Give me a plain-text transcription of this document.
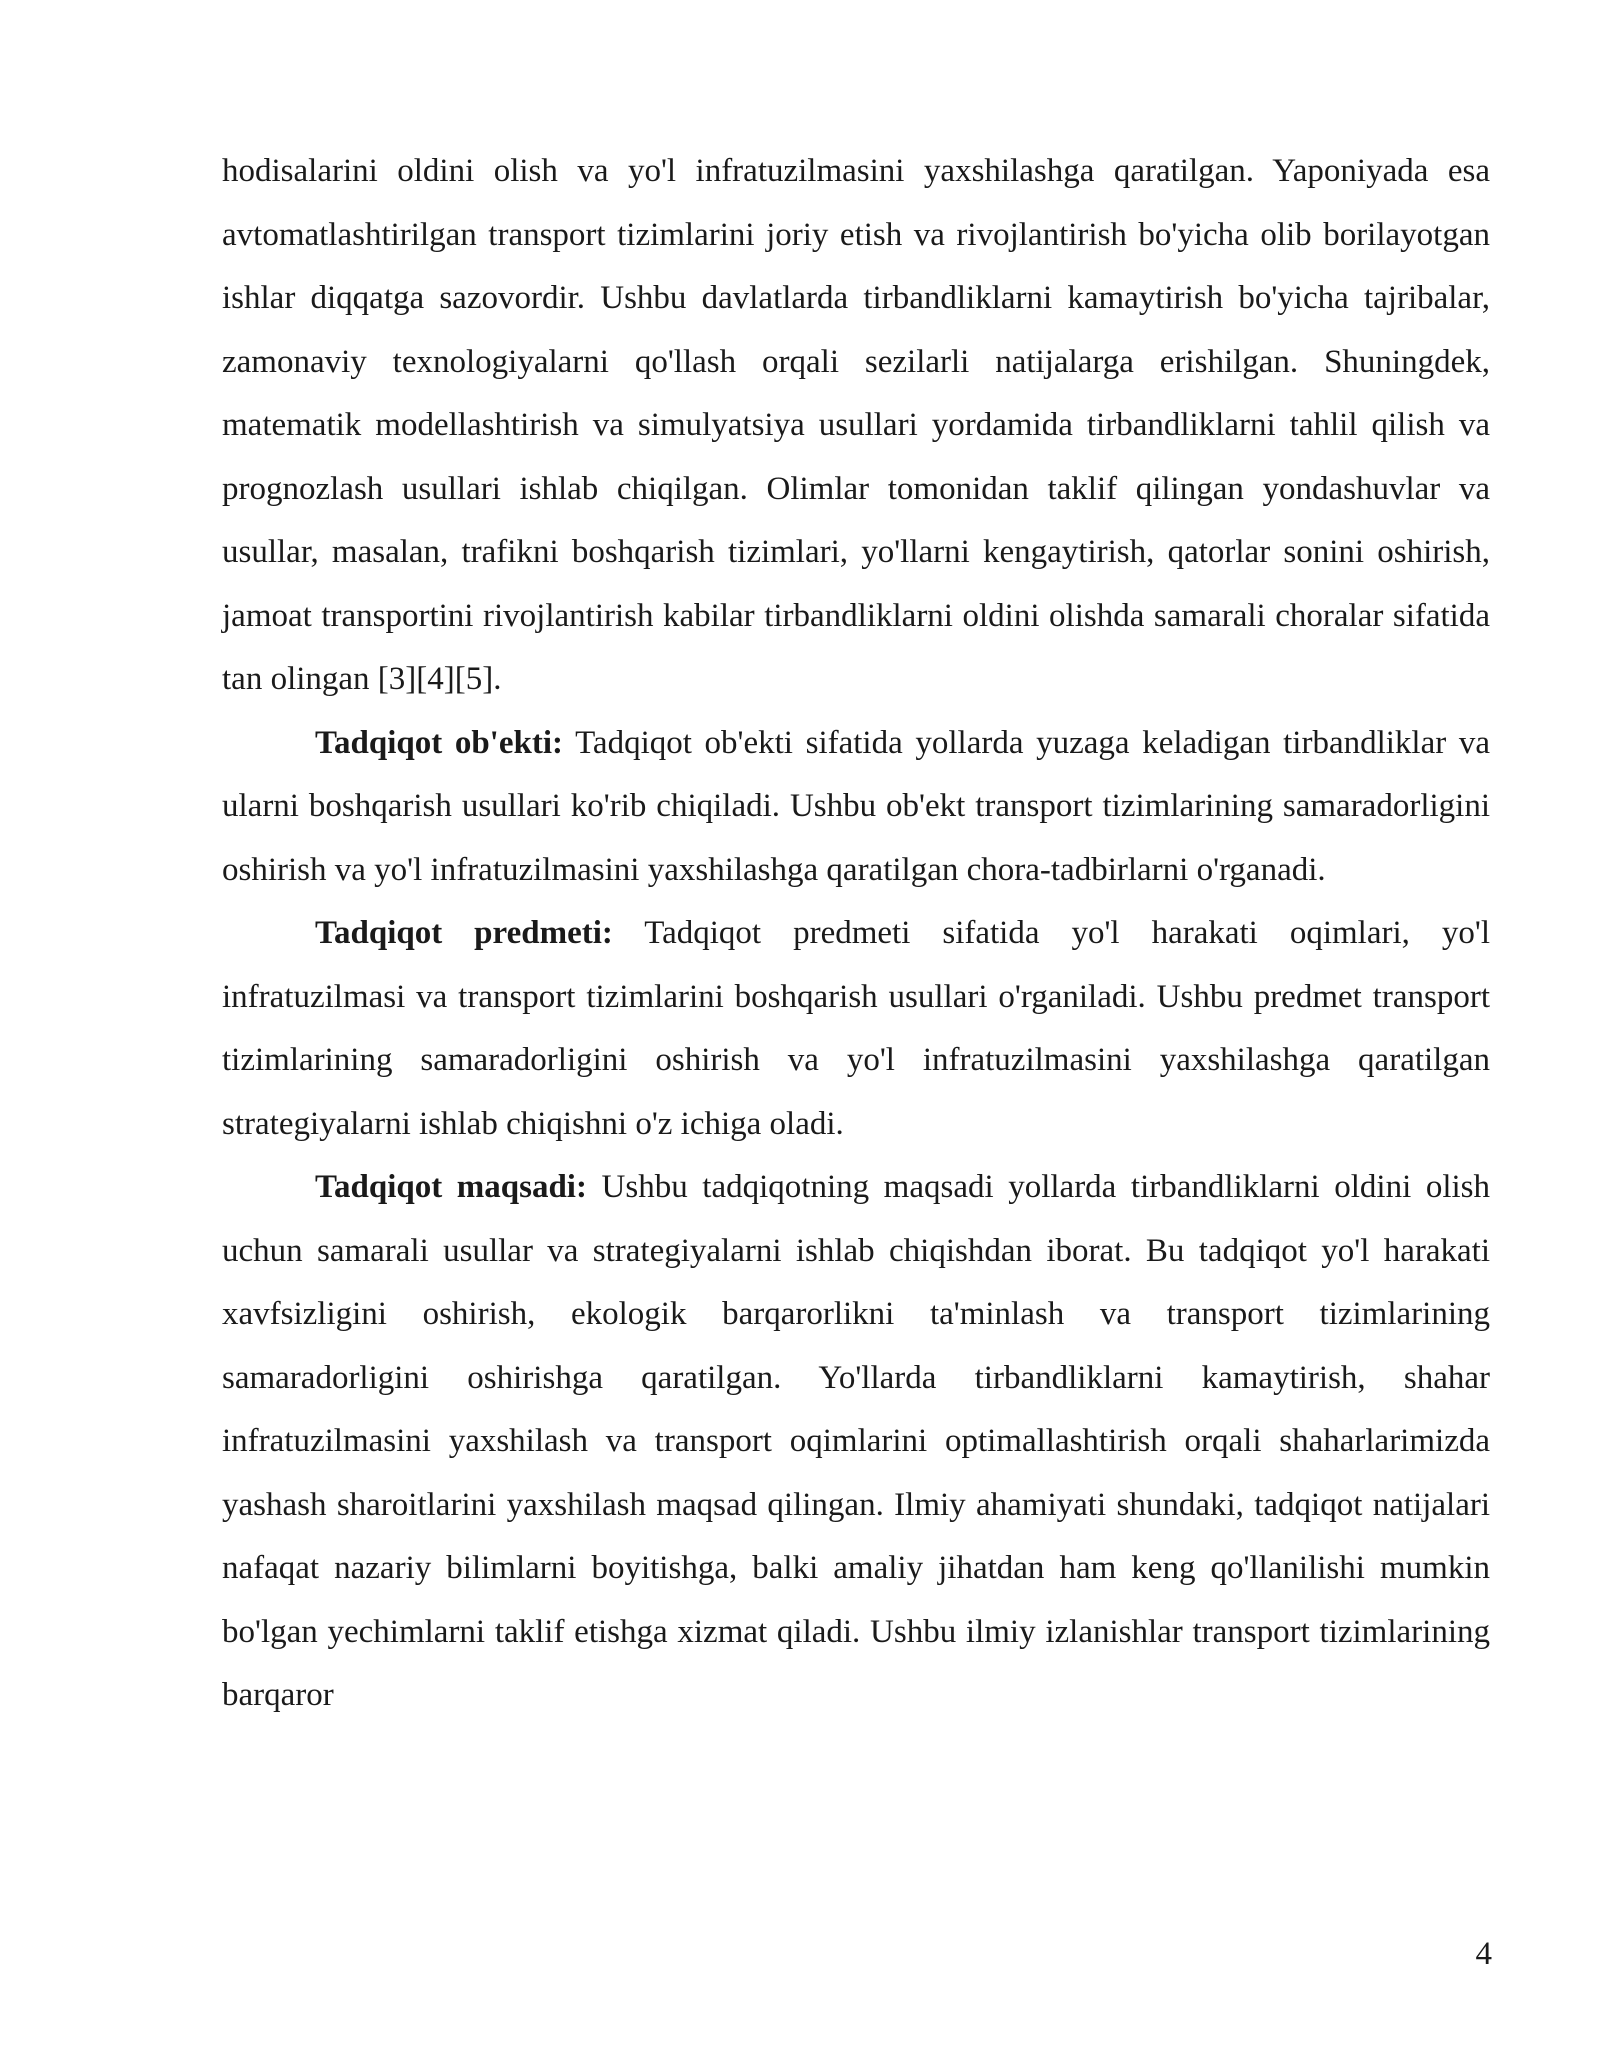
hodisalarini oldini olish va yo'l infratuzilmasini yaxshilashga qaratilgan. Yaponiyada esa avtomatlashtirilgan transport tizimlarini joriy etish va rivojlantirish bo'yicha olib borilayotgan ishlar diqqatga sazovordir. Ushbu davlatlarda tirbandliklarni kamaytirish bo'yicha tajribalar, zamonaviy texnologiyalarni qo'llash orqali sezilarli natijalarga erishilgan. Shuningdek, matematik modellashtirish va simulyatsiya usullari yordamida tirbandliklarni tahlil qilish va prognozlash usullari ishlab chiqilgan. Olimlar tomonidan taklif qilingan yondashuvlar va usullar, masalan, trafikni boshqarish tizimlari, yo'llarni kengaytirish, qatorlar sonini oshirish, jamoat transportini rivojlantirish kabilar tirbandliklarni oldini olishda samarali choralar sifatida tan olingan [3][4][5].

Tadqiqot ob'ekti: Tadqiqot ob'ekti sifatida yollarda yuzaga keladigan tirbandliklar va ularni boshqarish usullari ko'rib chiqiladi. Ushbu ob'ekt transport tizimlarining samaradorligini oshirish va yo'l infratuzilmasini yaxshilashga qaratilgan chora-tadbirlarni o'rganadi.

Tadqiqot predmeti: Tadqiqot predmeti sifatida yo'l harakati oqimlari, yo'l infratuzilmasi va transport tizimlarini boshqarish usullari o'rganiladi. Ushbu predmet transport tizimlarining samaradorligini oshirish va yo'l infratuzilmasini yaxshilashga qaratilgan strategiyalarni ishlab chiqishni o'z ichiga oladi.

Tadqiqot maqsadi: Ushbu tadqiqotning maqsadi yollarda tirbandliklarni oldini olish uchun samarali usullar va strategiyalarni ishlab chiqishdan iborat. Bu tadqiqot yo'l harakati xavfsizligini oshirish, ekologik barqarorlikni ta'minlash va transport tizimlarining samaradorligini oshirishga qaratilgan. Yo'llarda tirbandliklarni kamaytirish, shahar infratuzilmasini yaxshilash va transport oqimlarini optimallashtirish orqali shaharlarimizda yashash sharoitlarini yaxshilash maqsad qilingan. Ilmiy ahamiyati shundaki, tadqiqot natijalari nafaqat nazariy bilimlarni boyitishga, balki amaliy jihatdan ham keng qo'llanilishi mumkin bo'lgan yechimlarni taklif etishga xizmat qiladi. Ushbu ilmiy izlanishlar transport tizimlarining barqaror

4
